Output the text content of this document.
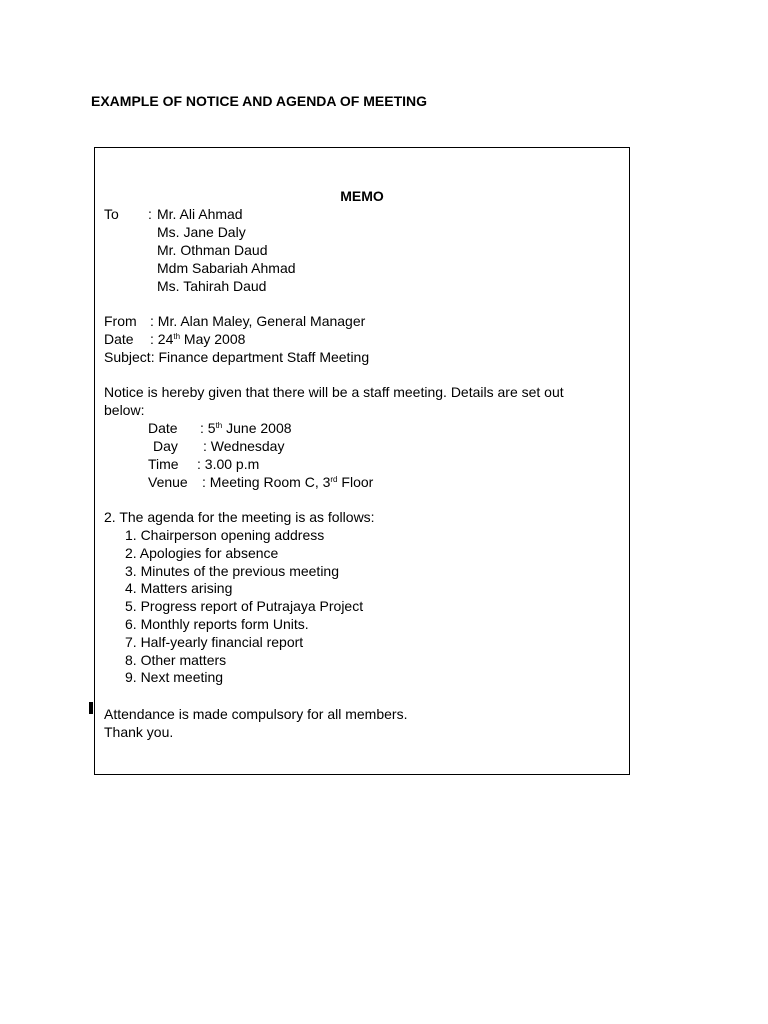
EXAMPLE OF NOTICE AND AGENDA OF MEETING
MEMO
To : Mr. Ali Ahmad
Ms. Jane Daly
Mr. Othman Daud
Mdm Sabariah Ahmad
Ms. Tahirah Daud
From : Mr. Alan Maley, General Manager
Date : 24th May 2008
Subject: Finance department Staff Meeting
Notice is hereby given that there will be a staff meeting. Details are set out
below:
Date : 5th June 2008
Day : Wednesday
Time : 3.00 p.m
Venue : Meeting Room C, 3rd Floor
2. The agenda for the meeting is as follows:
1. Chairperson opening address
2. Apologies for absence
3. Minutes of the previous meeting
4. Matters arising
5. Progress report of Putrajaya Project
6. Monthly reports form Units.
7. Half-yearly financial report
8. Other matters
9. Next meeting
Attendance is made compulsory for all members.
Thank you.
